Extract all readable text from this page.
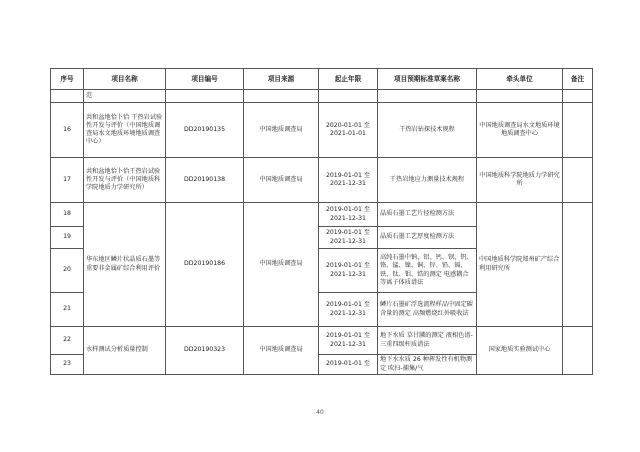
序号	项目名称	项目编号	项目来源	起止年限	项目预期标准草案名称	牵头单位	备注
	范						
16	共和盆地恰卜恰 干热岩试验性开发与评价（中国地质调查局水文地质环境地质调查中心）	DD20190135	中国地质调查局	2020-01-01 至 2021-01-01	干热岩钻探技术规程	中国地质调查局水文地质环境地质调查中心	
17	共和盆地恰卜恰干热岩试验性开发与评价（中国地质科学院地质力学研究所）	DD20190138	中国地质调查局	2019-01-01 至 2021-12-31	干热岩地应力测量技术规程	中国地质科学院地质力学研究所	
18	华东地区鳞片状晶质石墨等重要非金属矿综合利用评价	DD20190186	中国地质调查局	2019-01-01 至 2021-12-31	晶质石墨工艺片径检测方法	中国地质科学院郑州矿产综合利用研究所	
19				2019-01-01 至 2021-12-31	晶质石墨工艺厚度检测方法		
20				2019-01-01 至 2021-12-31	高纯石墨中钠、铝、钙、钡、钒、铬、锰、镍、铜、锌、铅、镉、铁、钛、钼、锆的测定 电感耦合等离子体质谱法		
21				2019-01-01 至 2021-12-31	鳞片石墨矿浮选流程样品中固定碳含量的测定 高频燃烧红外吸收法		
22	水样测试分析质量控制	DD20190323	中国地质调查局	2019-01-01 至 2021-12-31	地下水质 草甘膦的测定 液相色谱-三重四级杆质谱法	国家地质实验测试中心	
23				2019-01-01 至	地下水水质 26 种挥发性有机物测定 吹扫-捕集/气		
40
